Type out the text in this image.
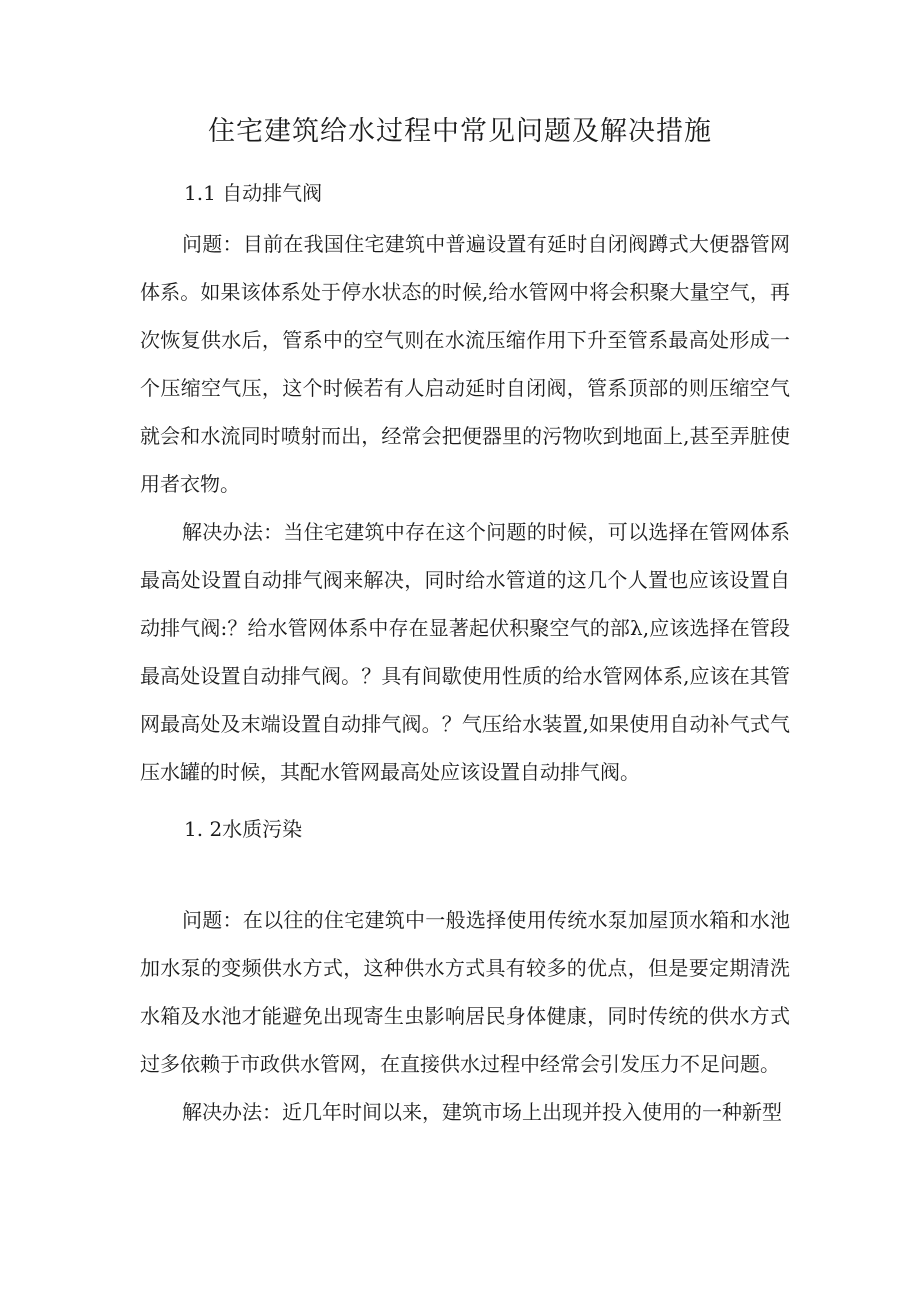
住宅建筑给水过程中常见问题及解决措施
1.1 自动排气阀

问题：目前在我国住宅建筑中普遍设置有延时自闭阀蹲式大便器管网体系。如果该体系处于停水状态的时候,给水管网中将会积聚大量空气，再次恢复供水后，管系中的空气则在水流压缩作用下升至管系最高处形成一个压缩空气压，这个时候若有人启动延时自闭阀，管系顶部的则压缩空气就会和水流同时喷射而出，经常会把便器里的污物吹到地面上,甚至弄脏使用者衣物。

解决办法：当住宅建筑中存在这个问题的时候，可以选择在管网体系最高处设置自动排气阀来解决，同时给水管道的这几个人置也应该设置自动排气阀:？给水管网体系中存在显著起伏积聚空气的部λ,应该选择在管段最高处设置自动排气阀。？具有间歇使用性质的给水管网体系,应该在其管网最高处及末端设置自动排气阀。？气压给水装置,如果使用自动补气式气压水罐的时候，其配水管网最高处应该设置自动排气阀。

1. 2水质污染

问题：在以往的住宅建筑中一般选择使用传统水泵加屋顶水箱和水池加水泵的变频供水方式，这种供水方式具有较多的优点，但是要定期清洗水箱及水池才能避免出现寄生虫影响居民身体健康，同时传统的供水方式过多依赖于市政供水管网，在直接供水过程中经常会引发压力不足问题。

解决办法：近几年时间以来，建筑市场上出现并投入使用的一种新型
